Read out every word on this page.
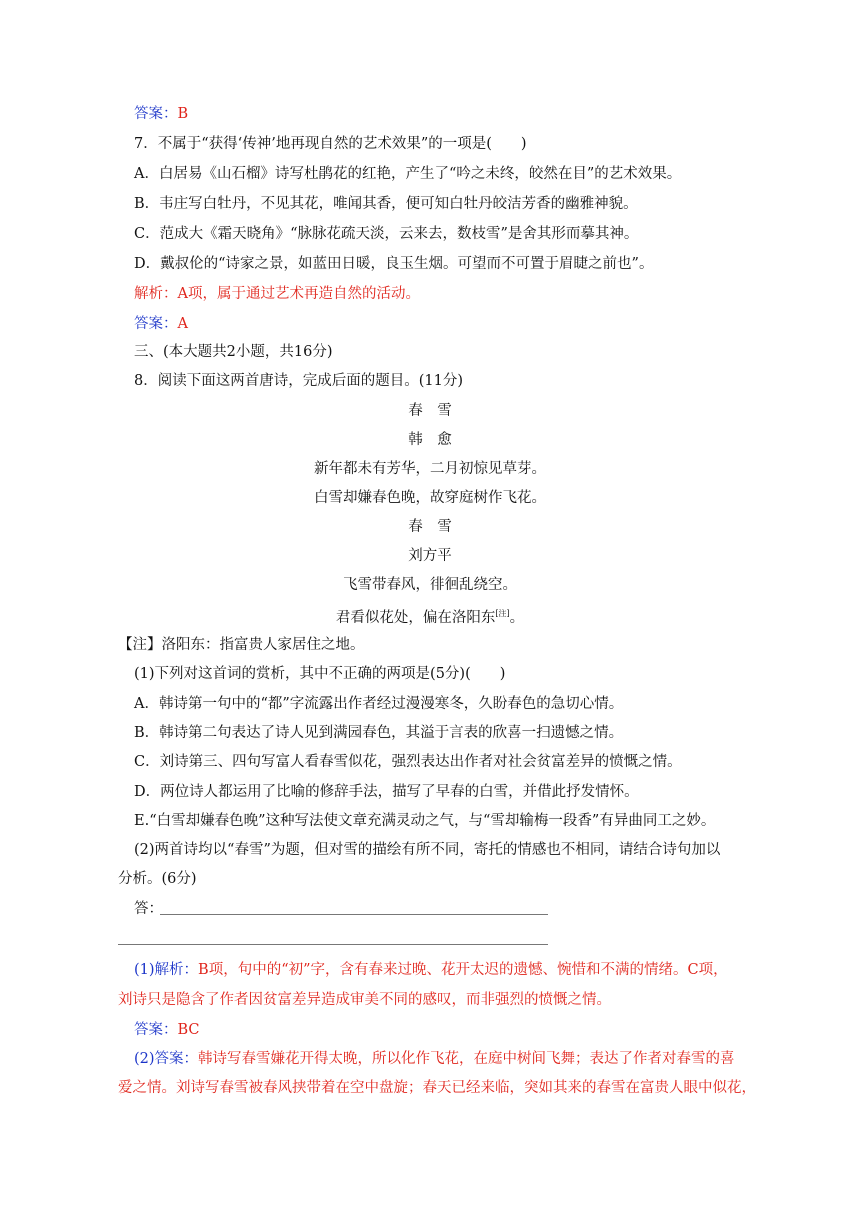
答案：B
7．不属于“获得‘传神’地再现自然的艺术效果”的一项是(　　)
A．白居易《山石榴》诗写杜鹃花的红艳，产生了“吟之未终，皎然在目”的艺术效果。
B．韦庄写白牡丹，不见其花，唯闻其香，便可知白牡丹皎洁芳香的幽雅神貌。
C．范成大《霜天晓角》“脉脉花疏天淡，云来去，数枝雪”是舍其形而摹其神。
D．戴叔伦的“诗家之景，如蓝田日暖，良玉生烟。可望而不可置于眉睫之前也”。
解析：A项，属于通过艺术再造自然的活动。
答案：A
三、(本大题共2小题，共16分)
8．阅读下面这两首唐诗，完成后面的题目。(11分)
春　雪
韩　愈
新年都未有芳华，二月初惊见草芽。
白雪却嫌春色晚，故穿庭树作飞花。
春　雪
刘方平
飞雪带春风，徘徊乱绕空。
君看似花处，偏在洛阳东[注]。
【注】洛阳东：指富贵人家居住之地。
(1)下列对这首词的赏析，其中不正确的两项是(5分)(　　)
A．韩诗第一句中的“都”字流露出作者经过漫漫寒冬，久盼春色的急切心情。
B．韩诗第二句表达了诗人见到满园春色，其溢于言表的欣喜一扫遗憾之情。
C．刘诗第三、四句写富人看春雪似花，强烈表达出作者对社会贫富差异的愤慨之情。
D．两位诗人都运用了比喻的修辞手法，描写了早春的白雪，并借此抒发情怀。
E.“白雪却嫌春色晚”这种写法使文章充满灵动之气，与“雪却输梅一段香”有异曲同工之妙。
(2)两首诗均以“春雪”为题，但对雪的描绘有所不同，寄托的情感也不相同，请结合诗句加以
分析。(6分)
答：
(1)解析：B项，句中的“初”字，含有春来过晚、花开太迟的遗憾、惋惜和不满的情绪。C项，
刘诗只是隐含了作者因贫富差异造成审美不同的感叹，而非强烈的愤慨之情。
答案：BC
(2)答案：韩诗写春雪嫌花开得太晚，所以化作飞花，在庭中树间飞舞；表达了作者对春雪的喜
爱之情。刘诗写春雪被春风挟带着在空中盘旋；春天已经来临，突如其来的春雪在富贵人眼中似花，
